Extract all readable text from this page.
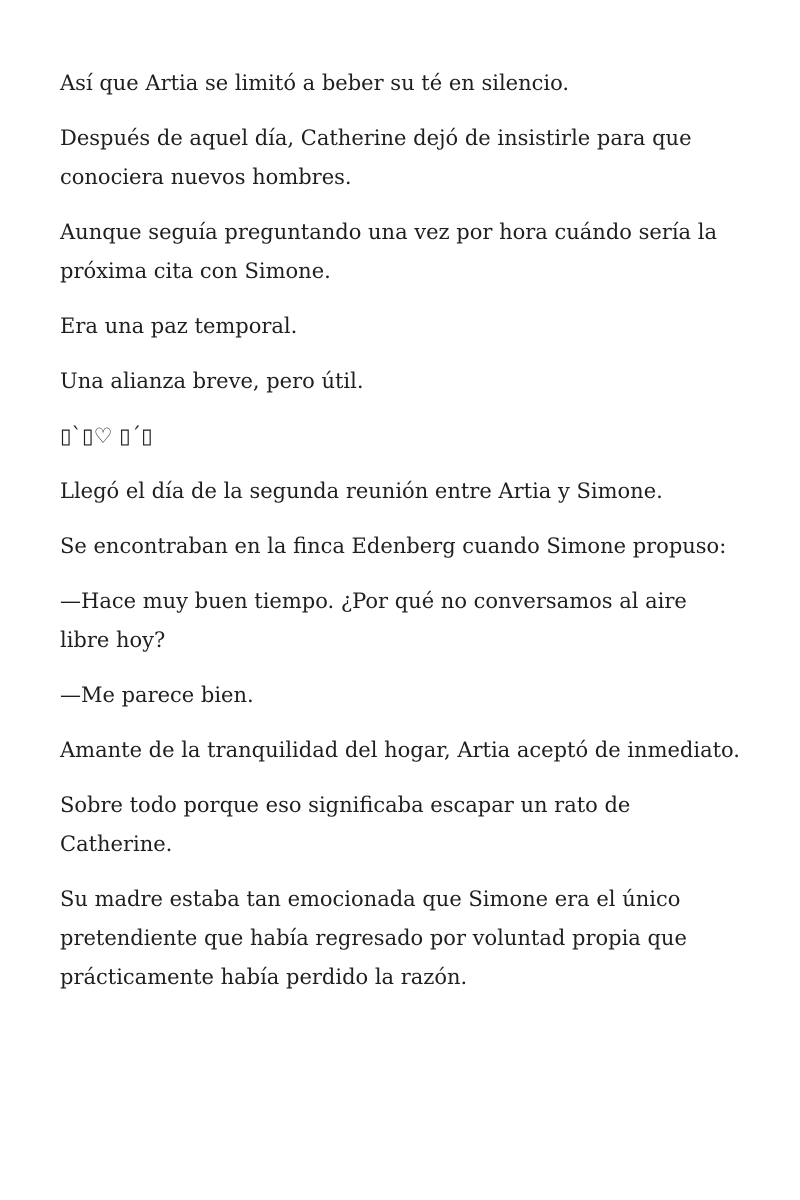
Así que Artia se limitó a beber su té en silencio.

Después de aquel día, Catherine dejó de insistirle para que conociera nuevos hombres.

Aunque seguía preguntando una vez por hora cuándo sería la próxima cita con Simone.

Era una paz temporal.

Una alianza breve, pero útil.

▯`▯♡ ▯´▯

Llegó el día de la segunda reunión entre Artia y Simone.

Se encontraban en la finca Edenberg cuando Simone propuso:

—Hace muy buen tiempo. ¿Por qué no conversamos al aire libre hoy?

—Me parece bien.

Amante de la tranquilidad del hogar, Artia aceptó de inmediato.

Sobre todo porque eso significaba escapar un rato de Catherine.

Su madre estaba tan emocionada que Simone era el único pretendiente que había regresado por voluntad propia que prácticamente había perdido la razón.
